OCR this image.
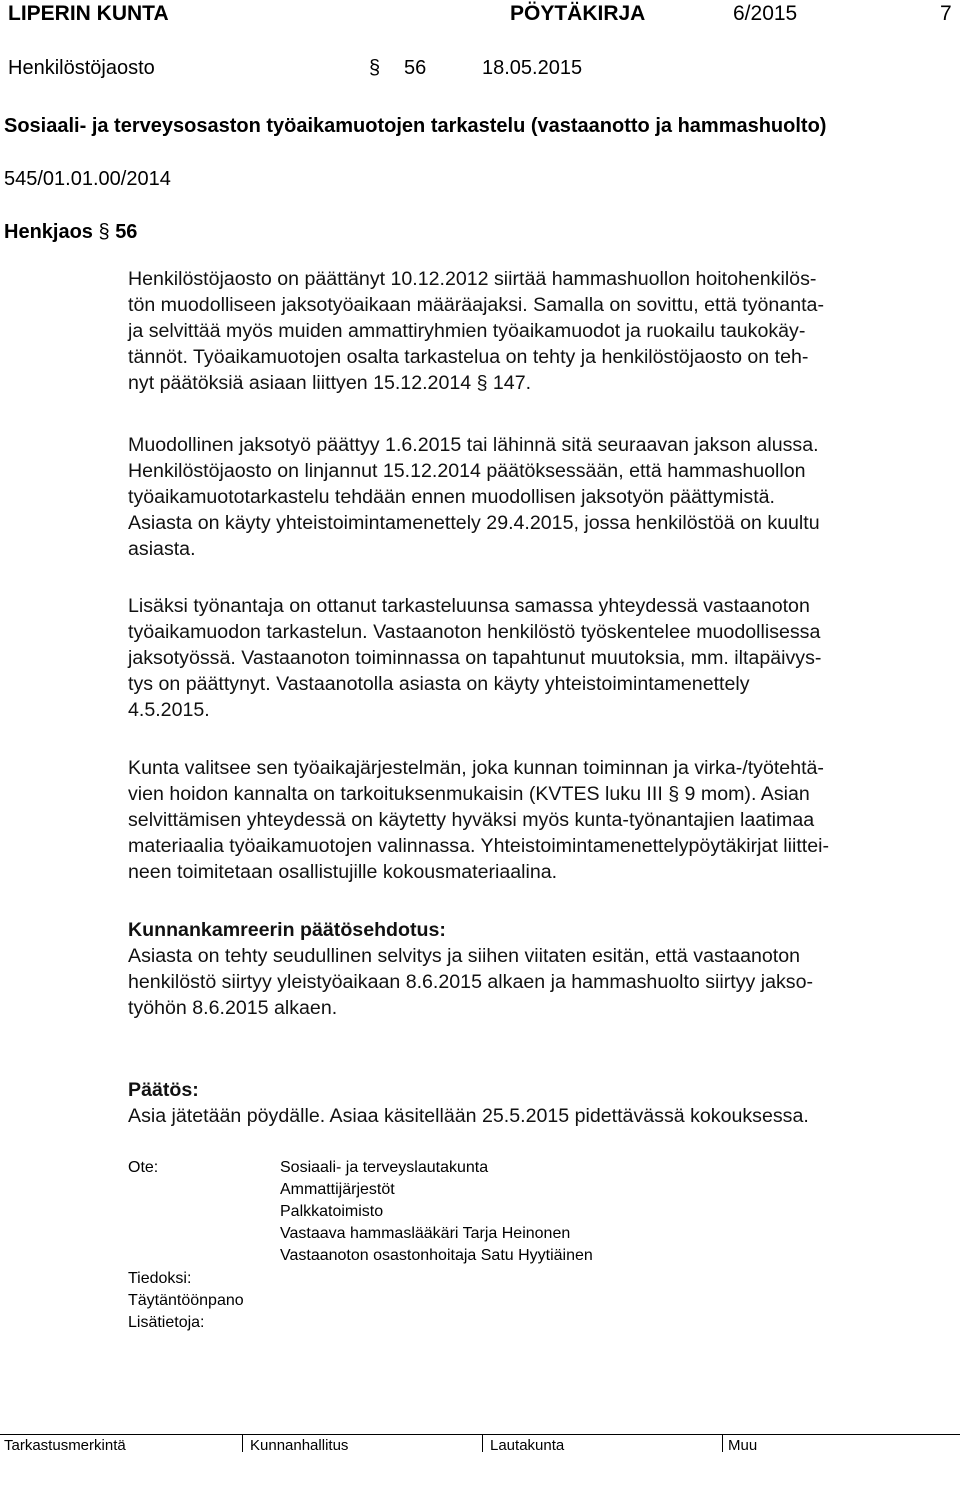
LIPERIN KUNTA	PÖYTÄKIRJA	6/2015	7
Henkilöstöjaosto	§ 56	18.05.2015
Sosiaali- ja terveysosaston työaikamuotojen tarkastelu (vastaanotto ja hammashuolto)
545/01.01.00/2014
Henkjaos § 56
Henkilöstöjaosto on päättänyt 10.12.2012 siirtää hammashuollon hoitohenkilös-
tön muodolliseen jaksotyöaikaan määräajaksi. Samalla on sovittu, että työnanta-
ja selvittää myös muiden ammattiryhmien työaikamuodot ja ruokailu taukokäy-
tännöt. Työaikamuotojen osalta tarkastelua on tehty ja henkilöstöjaosto on teh-
nyt päätöksiä asiaan liittyen 15.12.2014 § 147.
Muodollinen jaksotyö päättyy 1.6.2015 tai lähinnä sitä seuraavan jakson alussa.
Henkilöstöjaosto on linjannut 15.12.2014 päätöksessään, että hammashuollon
työaikamuototarkastelu tehdään ennen muodollisen jaksotyön päättymistä.
Asiasta on käyty yhteistoimintamenettely 29.4.2015, jossa henkilöstöä on kuultu
asiasta.
Lisäksi työnantaja on ottanut tarkasteluunsa samassa yhteydessä vastaanoton
työaikamuodon tarkastelun. Vastaanoton henkilöstö työskentelee muodollisessa
jaksotyössä. Vastaanoton toiminnassa on tapahtunut muutoksia, mm. iltapäivys-
tys on päättynyt. Vastaanotolla asiasta on käyty yhteistoimintamenettely
4.5.2015.
Kunta valitsee sen työaikajärjestelmän, joka kunnan toiminnan ja virka-/työtehtä-
vien hoidon kannalta on tarkoituksenmukaisin (KVTES luku III § 9 mom). Asian
selvittämisen yhteydessä on käytetty hyväksi myös kunta-työnantajien laatimaa
materiaalia työaikamuotojen valinnassa. Yhteistoimintamenettelypöytäkirjat liittei-
neen toimitetaan osallistujille kokousmateriaalina.
Kunnankamreerin päätösehdotus:
Asiasta on tehty seudullinen selvitys ja siihen viitaten esitän, että vastaanoton
henkilöstö siirtyy yleistyöaikaan 8.6.2015 alkaen ja hammashuolto siirtyy jakso-
työhön 8.6.2015 alkaen.
Päätös:
Asia jätetään pöydälle. Asiaa käsitellään 25.5.2015 pidettävässä kokouksessa.
Ote:	Sosiaali- ja terveyslautakunta
Ammattijärjestöt
Palkkatoimisto
Vastaava hammaslääkäri Tarja Heinonen
Vastaanoton osastonhoitaja Satu Hyytiäinen
Tiedoksi:
Täytäntöönpano
Lisätietoja:
Tarkastusmerkintä	Kunnanhallitus	Lautakunta	Muu
